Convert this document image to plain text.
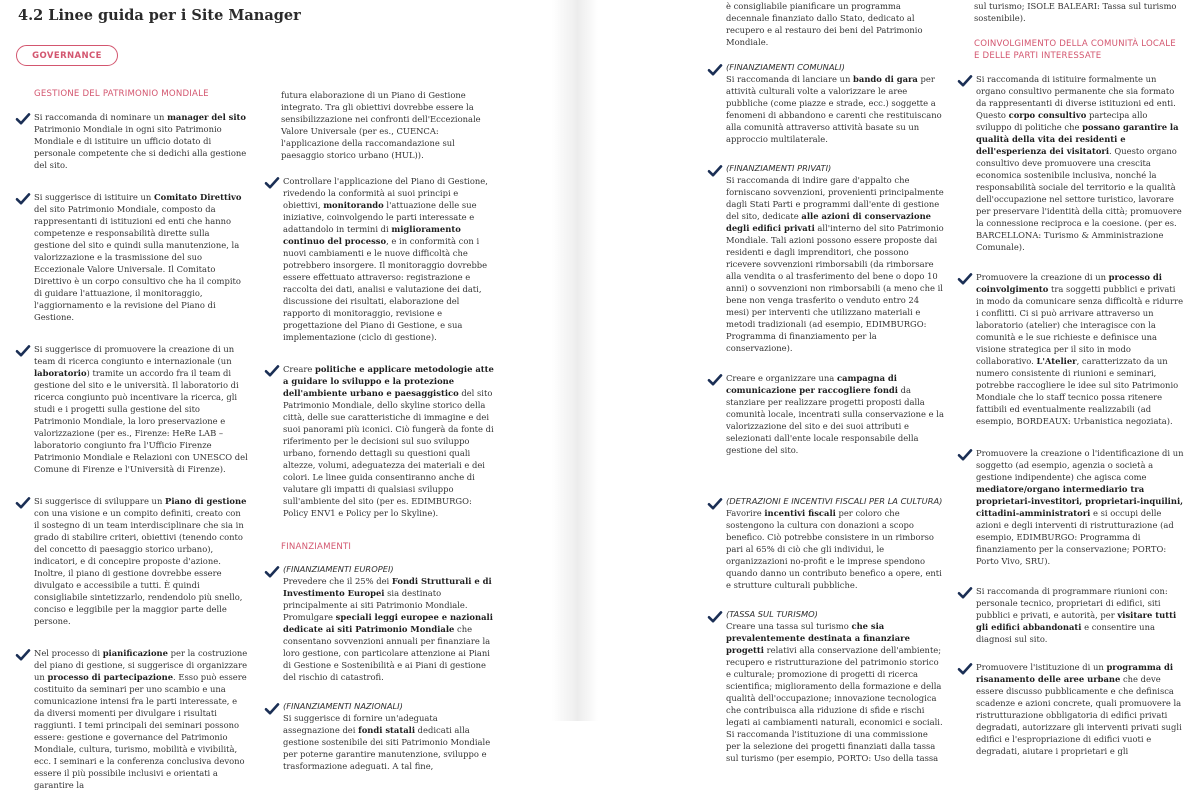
4.2 Linee guida per i Site Manager
GOVERNANCE
GESTIONE DEL PATRIMONIO MONDIALE

Si raccomanda di nominare un manager del sito Patrimonio Mondiale in ogni sito Patrimonio Mondiale e di istituire un ufficio dotato di personale competente che si dedichi alla gestione del sito.

Si suggerisce di istituire un Comitato Direttivo del sito Patrimonio Mondiale, composto da rappresentanti di istituzioni ed enti che hanno competenze e responsabilità dirette sulla gestione del sito e quindi sulla manutenzione, la valorizzazione e la trasmissione del suo Eccezionale Valore Universale. Il Comitato Direttivo è un corpo consultivo che ha il compito di guidare l'attuazione, il monitoraggio, l'aggiornamento e la revisione del Piano di Gestione.

Si suggerisce di promuovere la creazione di un team di ricerca congiunto e internazionale (un laboratorio) tramite un accordo fra il team di gestione del sito e le università. Il laboratorio di ricerca congiunto può incentivare la ricerca, gli studi e i progetti sulla gestione del sito Patrimonio Mondiale, la loro preservazione e valorizzazione (per es., Firenze: HeRe LAB – laboratorio congiunto fra l'Ufficio Firenze Patrimonio Mondiale e Relazioni con UNESCO del Comune di Firenze e l'Università di Firenze).

Si suggerisce di sviluppare un Piano di gestione con una visione e un compito definiti, creato con il sostegno di un team interdisciplinare che sia in grado di stabilire criteri, obiettivi (tenendo conto del concetto di paesaggio storico urbano), indicatori, e di concepire proposte d'azione. Inoltre, il piano di gestione dovrebbe essere divulgato e accessibile a tutti. È quindi consigliabile sintetizzarlo, rendendolo più snello, conciso e leggibile per la maggior parte delle persone.

Nel processo di pianificazione per la costruzione del piano di gestione, si suggerisce di organizzare un processo di partecipazione. Esso può essere costituito da seminari per uno scambio e una comunicazione intensi fra le parti interessate, e da diversi momenti per divulgare i risultati raggiunti. I temi principali dei seminari possono essere: gestione e governance del Patrimonio Mondiale, cultura, turismo, mobilità e vivibilità, ecc. I seminari e la conferenza conclusiva devono essere il più possibile inclusivi e orientati a garantire la

futura elaborazione di un Piano di Gestione integrato. Tra gli obiettivi dovrebbe essere la sensibilizzazione nei confronti dell'Eccezionale Valore Universale (per es., CUENCA: l'applicazione della raccomandazione sul paesaggio storico urbano (HUL)).

Controllare l'applicazione del Piano di Gestione, rivedendo la conformità ai suoi principi e obiettivi, monitorando l'attuazione delle sue iniziative, coinvolgendo le parti interessate e adattandolo in termini di miglioramento continuo del processo, e in conformità con i nuovi cambiamenti e le nuove difficoltà che potrebbero insorgere. Il monitoraggio dovrebbe essere effettuato attraverso: registrazione e raccolta dei dati, analisi e valutazione dei dati, discussione dei risultati, elaborazione del rapporto di monitoraggio, revisione e progettazione del Piano di Gestione, e sua implementazione (ciclo di gestione).

Creare politiche e applicare metodologie atte a guidare lo sviluppo e la protezione dell'ambiente urbano e paesaggistico del sito Patrimonio Mondiale, dello skyline storico della città, delle sue caratteristiche di immagine e dei suoi panorami più iconici. Ciò fungerà da fonte di riferimento per le decisioni sul suo sviluppo urbano, fornendo dettagli su questioni quali altezze, volumi, adeguatezza dei materiali e dei colori. Le linee guida consentiranno anche di valutare gli impatti di qualsiasi sviluppo sull'ambiente del sito (per es. EDIMBURGO: Policy ENV1 e Policy per lo Skyline).

FINANZIAMENTI
(FINANZIAMENTI EUROPEI)

Prevedere che il 25% dei Fondi Strutturali e di Investimento Europei sia destinato principalmente ai siti Patrimonio Mondiale. Promulgare speciali leggi europee e nazionali dedicate ai siti Patrimonio Mondiale che consentano sovvenzioni annuali per finanziare la loro gestione, con particolare attenzione ai Piani di Gestione e Sostenibilità e ai Piani di gestione del rischio di catastrofi.

(FINANZIAMENTI NAZIONALI)

Si suggerisce di fornire un'adeguata assegnazione dei fondi statali dedicati alla gestione sostenibile dei siti Patrimonio Mondiale per poterne garantire manutenzione, sviluppo e trasformazione adeguati. A tal fine,

è consigliabile pianificare un programma decennale finanziato dallo Stato, dedicato al recupero e al restauro dei beni del Patrimonio Mondiale.

(FINANZIAMENTI COMUNALI)

Si raccomanda di lanciare un bando di gara per attività culturali volte a valorizzare le aree pubbliche (come piazze e strade, ecc.) soggette a fenomeni di abbandono e carenti che restituiscano alla comunità attraverso attività basate su un approccio multilaterale.

(FINANZIAMENTI PRIVATI)

Si raccomanda di indire gare d'appalto che forniscano sovvenzioni, provenienti principalmente dagli Stati Parti e programmi dall'ente di gestione del sito, dedicate alle azioni di conservazione degli edifici privati all'interno del sito Patrimonio Mondiale. Tali azioni possono essere proposte dai residenti e dagli imprenditori, che possono ricevere sovvenzioni rimborsabili (da rimborsare alla vendita o al trasferimento del bene o dopo 10 anni) o sovvenzioni non rimborsabili (a meno che il bene non venga trasferito o venduto entro 24 mesi) per interventi che utilizzano materiali e metodi tradizionali (ad esempio, EDIMBURGO: Programma di finanziamento per la conservazione).

Creare e organizzare una campagna di comunicazione per raccogliere fondi da stanziare per realizzare progetti proposti dalla comunità locale, incentrati sulla conservazione e la valorizzazione del sito e dei suoi attributi e selezionati dall'ente locale responsabile della gestione del sito.

(DETRAZIONI E INCENTIVI FISCALI PER LA CULTURA)

Favorire incentivi fiscali per coloro che sostengono la cultura con donazioni a scopo benefico. Ciò potrebbe consistere in un rimborso pari al 65% di ciò che gli individui, le organizzazioni no-profit e le imprese spendono quando danno un contributo benefico a opere, enti e strutture culturali pubbliche.

(TASSA SUL TURISMO)

Creare una tassa sul turismo che sia prevalentemente destinata a finanziare progetti relativi alla conservazione dell'ambiente; recupero e ristrutturazione del patrimonio storico e culturale; promozione di progetti di ricerca scientifica; miglioramento della formazione e della qualità dell'occupazione; innovazione tecnologica che contribuisca alla riduzione di sfide e rischi legati ai cambiamenti naturali, economici e sociali. Si raccomanda l'istituzione di una commissione per la selezione dei progetti finanziati dalla tassa sul turismo (per esempio, PORTO: Uso della tassa

sul turismo; ISOLE BALEARI: Tassa sul turismo sostenibile).

COINVOLGIMENTO DELLA COMUNITÀ LOCALE E DELLE PARTI INTERESSATE

Si raccomanda di istituire formalmente un organo consultivo permanente che sia formato da rappresentanti di diverse istituzioni ed enti. Questo corpo consultivo partecipa allo sviluppo di politiche che possano garantire la qualità della vita dei residenti e dell'esperienza dei visitatori. Questo organo consultivo deve promuovere una crescita economica sostenibile inclusiva, nonché la responsabilità sociale del territorio e la qualità dell'occupazione nel settore turistico, lavorare per preservare l'identità della città; promuovere la connessione reciproca e la coesione. (per es. BARCELLONA: Turismo & Amministrazione Comunale).

Promuovere la creazione di un processo di coinvolgimento tra soggetti pubblici e privati in modo da comunicare senza difficoltà e ridurre i conflitti. Ci si può arrivare attraverso un laboratorio (atelier) che interagisce con la comunità e le sue richieste e definisce una visione strategica per il sito in modo collaborativo. L'Atelier, caratterizzato da un numero consistente di riunioni e seminari, potrebbe raccogliere le idee sul sito Patrimonio Mondiale che lo staff tecnico possa ritenere fattibili ed eventualmente realizzabili (ad esempio, BORDEAUX: Urbanistica negoziata).

Promuovere la creazione o l'identificazione di un soggetto (ad esempio, agenzia o società a gestione indipendente) che agisca come mediatore/organo intermediario tra proprietari-investitori, proprietari-inquilini, cittadini-amministratori e si occupi delle azioni e degli interventi di ristrutturazione (ad esempio, EDIMBURGO: Programma di finanziamento per la conservazione; PORTO: Porto Vivo, SRU).

Si raccomanda di programmare riunioni con: personale tecnico, proprietari di edifici, siti pubblici e privati, e autorità, per visitare tutti gli edifici abbandonati e consentire una diagnosi sul sito.

Promuovere l'istituzione di un programma di risanamento delle aree urbane che deve essere discusso pubblicamente e che definisca scadenze e azioni concrete, quali promuovere la ristrutturazione obbligatoria di edifici privati degradati, autorizzare gli interventi privati sugli edifici e l'espropriazione di edifici vuoti e degradati, aiutare i proprietari e gli
